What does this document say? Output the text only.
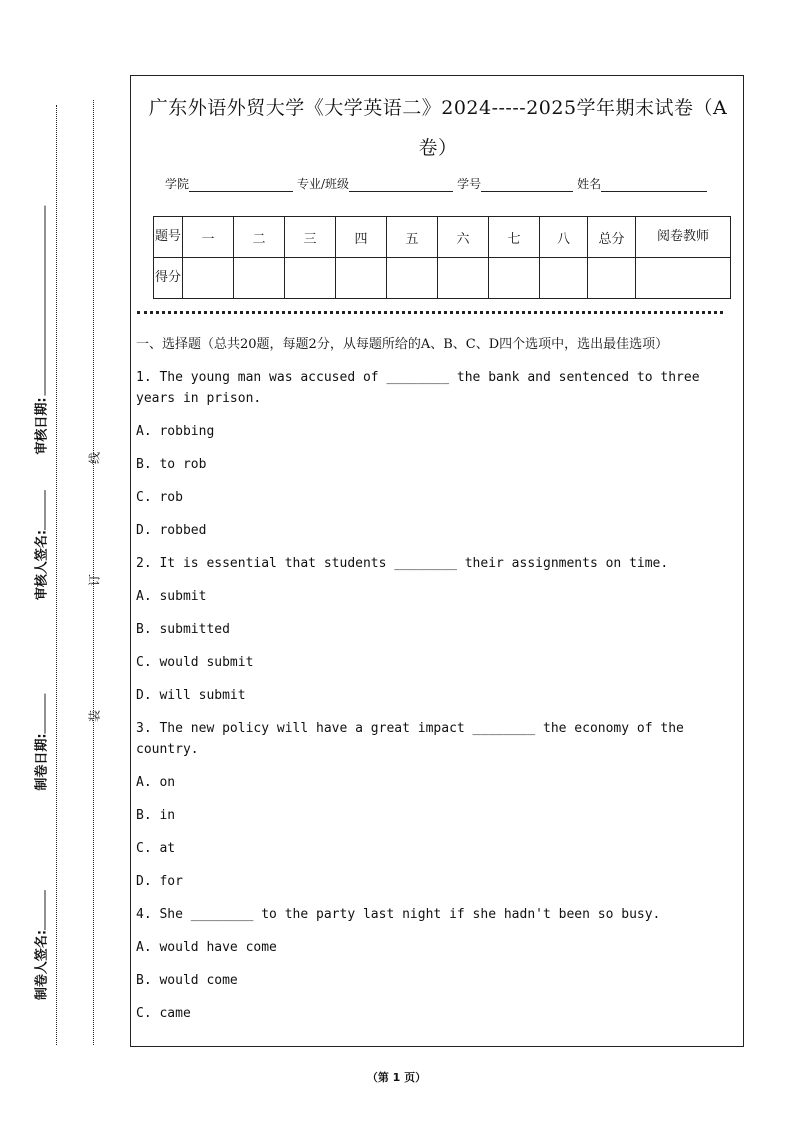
审核日期:
审核人签名:
制卷日期:
制卷人签名:
线
订
装
广东外语外贸大学《大学英语二》2024-----2025学年期末试卷（A卷）
学院	专业/班级	学号	姓名
题号	一	二	三	四	五	六	七	八	总分	阅卷教师
得分										
一、选择题（总共20题，每题2分，从每题所给的A、B、C、D四个选项中，选出最佳选项）
1. The young man was accused of ________ the bank and sentenced to three years in prison.
A. robbing
B. to rob
C. rob
D. robbed
2. It is essential that students ________ their assignments on time.
A. submit
B. submitted
C. would submit
D. will submit
3. The new policy will have a great impact ________ the economy of the country.
A. on
B. in
C. at
D. for
4. She ________ to the party last night if she hadn't been so busy.
A. would have come
B. would come
C. came
（第 1 页）
